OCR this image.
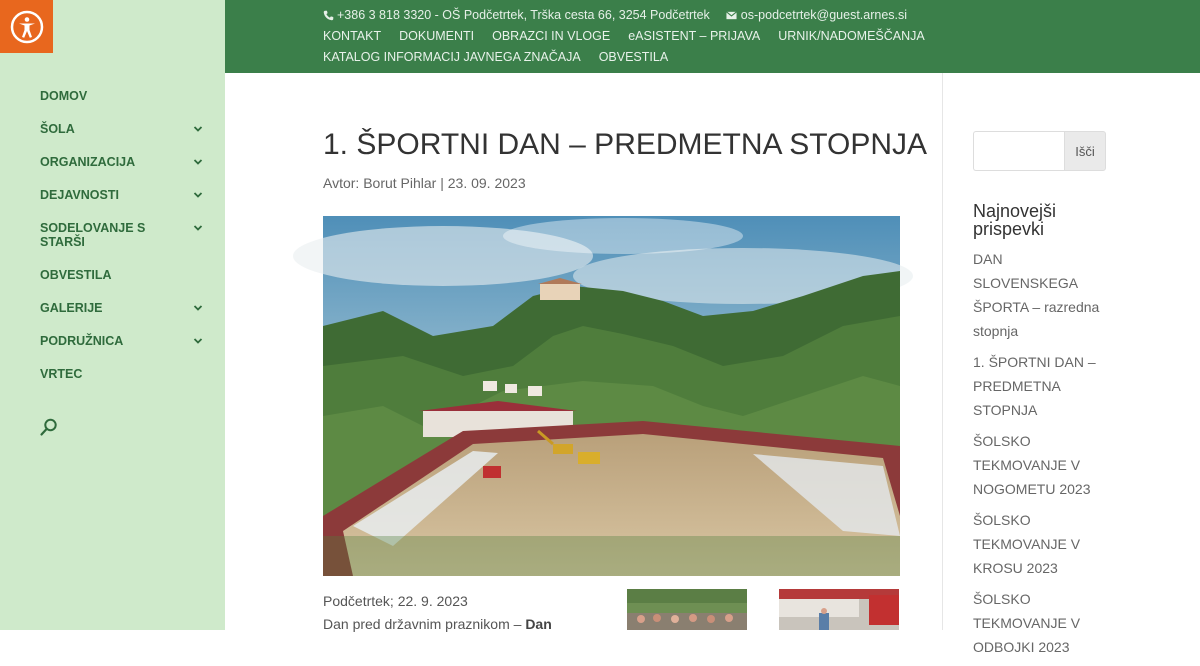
DOMOV
ŠOLA
ORGANIZACIJA
DEJAVNOSTI
SODELOVANJE S STARŠI
OBVESTILA
GALERIJE
PODRUŽNICA
VRTEC
+386 3 818 3320 - OŠ Podčetrtek, Trška cesta 66, 3254 Podčetrtek os-podcetrtek@guest.arnes.si
KONTAKT DOKUMENTI OBRAZCI IN VLOGE eASISTENT – PRIJAVA URNIK/NADOMEŠČANJA
KATALOG INFORMACIJ JAVNEGA ZNAČAJA OBVESTILA
1. ŠPORTNI DAN – PREDMETNA STOPNJA
Avtor: Borut Pihlar | 23. 09. 2023
Podčetrtek; 22. 9. 2023
Dan pred državnim praznikom – Dan
Išči
Najnovejši prispevki
DAN SLOVENSKEGA ŠPORTA – razredna stopnja
1. ŠPORTNI DAN – PREDMETNA STOPNJA
ŠOLSKO TEKMOVANJE V NOGOMETU 2023
ŠOLSKO TEKMOVANJE V KROSU 2023
ŠOLSKO TEKMOVANJE V ODBOJKI 2023
